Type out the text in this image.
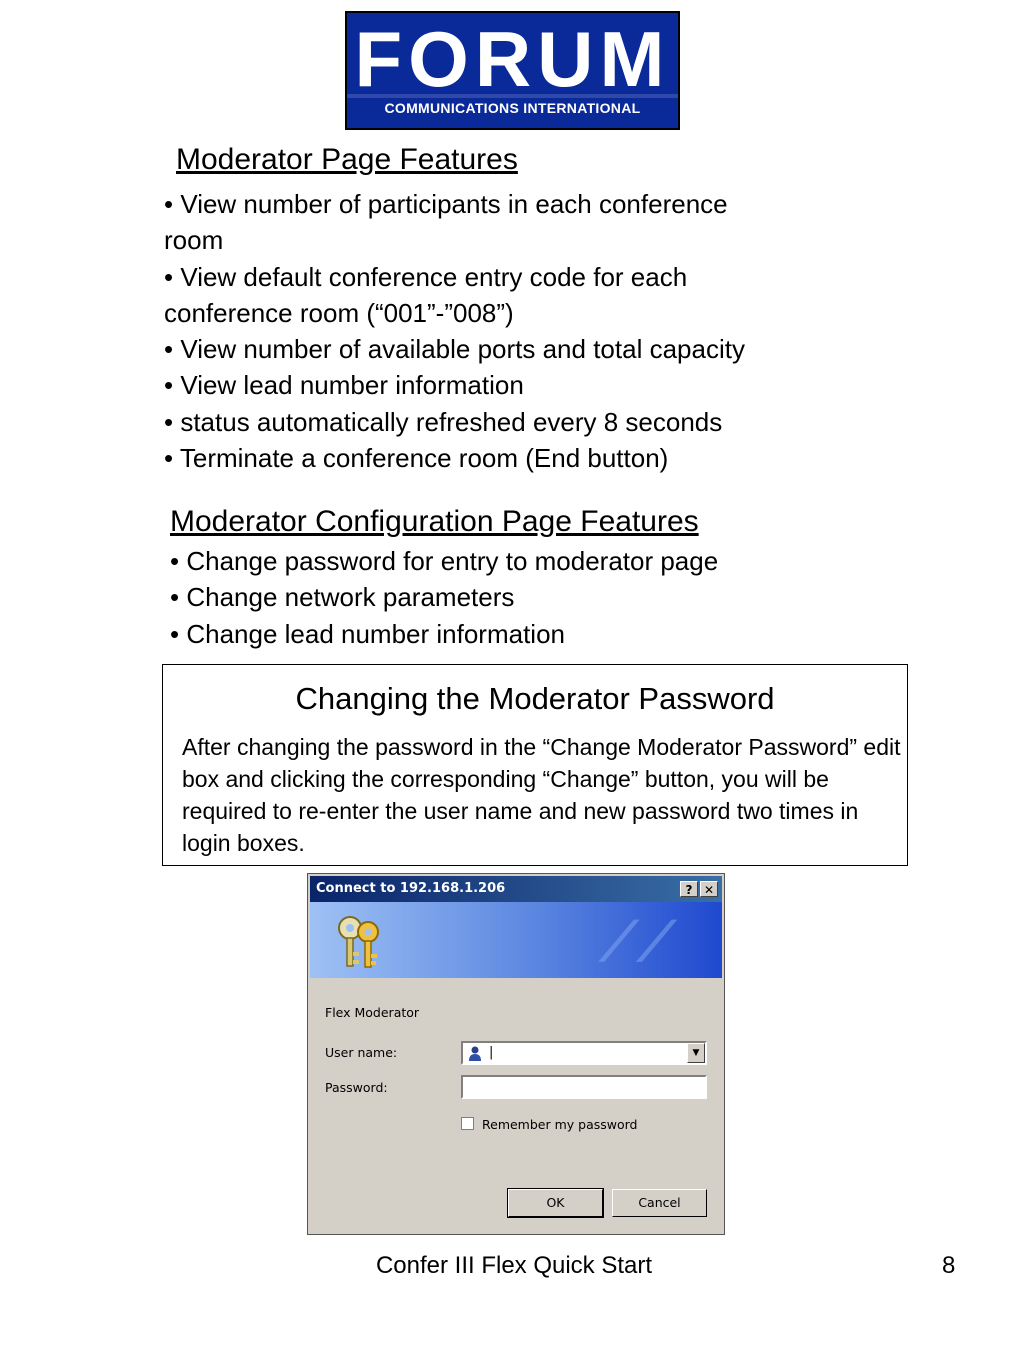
FORUM
COMMUNICATIONS INTERNATIONAL
Moderator Page Features
• View number of participants in each conference
room
• View default conference entry code for each
conference room (“001”-”008”)
• View number of available ports and total capacity
• View lead number information
• status automatically refreshed every 8 seconds
• Terminate a conference room (End button)
Moderator Configuration Page Features
• Change password for entry to moderator page
• Change network parameters
• Change lead number information
Changing the Moderator Password

After changing the password in the “Change Moderator Password” edit box and clicking the corresponding “Change” button, you will be required to re-enter the user name and new password two times in login boxes.

Connect to 192.168.1.206	? ✕
⟋⟋
Flex Moderator
User name:	|	▼
Password:
Remember my password
OK	Cancel
Confer III Flex Quick Start	8
